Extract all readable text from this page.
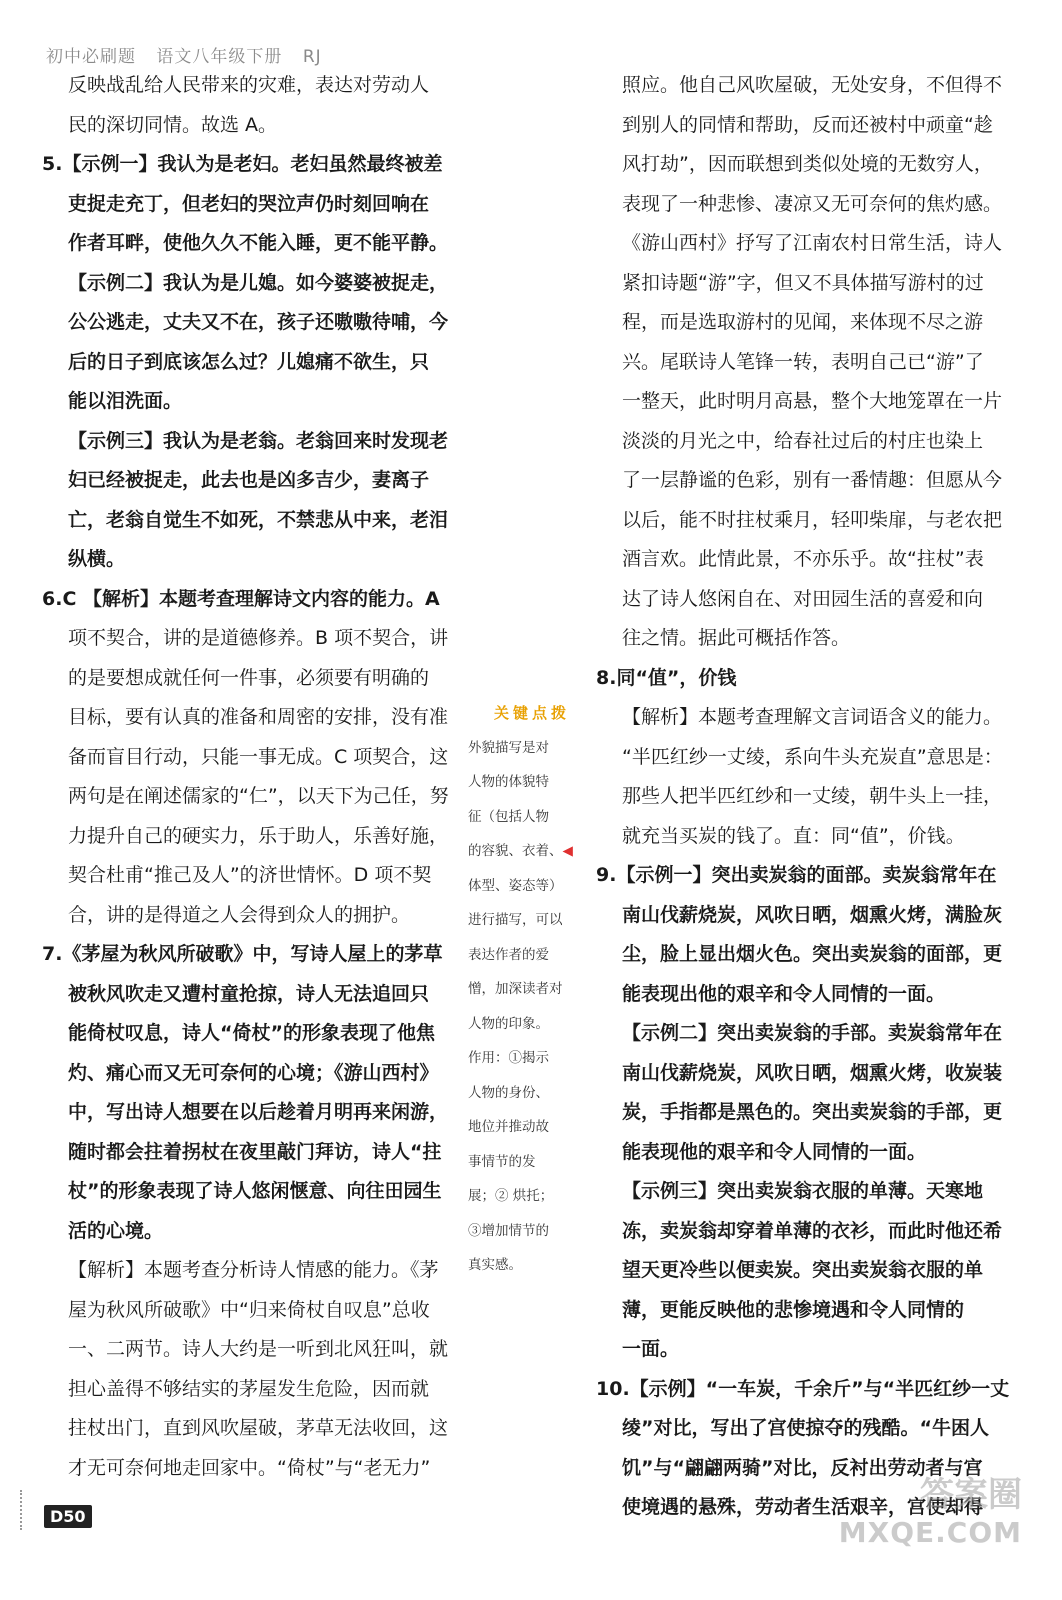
初中必刷题 语文八年级下册 RJ
反映战乱给人民带来的灾难，表达对劳动人
民的深切同情。故选 A。
5.【示例一】我认为是老妇。老妇虽然最终被差
吏捉走充丁，但老妇的哭泣声仍时刻回响在
作者耳畔，使他久久不能入睡，更不能平静。
【示例二】我认为是儿媳。如今婆婆被捉走，
公公逃走，丈夫又不在，孩子还嗷嗷待哺，今
后的日子到底该怎么过？儿媳痛不欲生，只
能以泪洗面。
【示例三】我认为是老翁。老翁回来时发现老
妇已经被捉走，此去也是凶多吉少，妻离子
亡，老翁自觉生不如死，不禁悲从中来，老泪
纵横。
6.C 【解析】本题考查理解诗文内容的能力。A
项不契合，讲的是道德修养。B 项不契合，讲
的是要想成就任何一件事，必须要有明确的
目标，要有认真的准备和周密的安排，没有准
备而盲目行动，只能一事无成。C 项契合，这
两句是在阐述儒家的“仁”，以天下为己任，努
力提升自己的硬实力，乐于助人，乐善好施，
契合杜甫“推己及人”的济世情怀。D 项不契
合，讲的是得道之人会得到众人的拥护。
7.《茅屋为秋风所破歌》中，写诗人屋上的茅草
被秋风吹走又遭村童抢掠，诗人无法追回只
能倚杖叹息，诗人“倚杖”的形象表现了他焦
灼、痛心而又无可奈何的心境；《游山西村》
中，写出诗人想要在以后趁着月明再来闲游，
随时都会拄着拐杖在夜里敲门拜访，诗人“拄
杖”的形象表现了诗人悠闲惬意、向往田园生
活的心境。
【解析】本题考查分析诗人情感的能力。《茅
屋为秋风所破歌》中“归来倚杖自叹息”总收
一、二两节。诗人大约是一听到北风狂叫，就
担心盖得不够结实的茅屋发生危险，因而就
拄杖出门，直到风吹屋破，茅草无法收回，这
才无可奈何地走回家中。“倚杖”与“老无力”
关键点拨
外貌描写是对
人物的体貌特
征（包括人物
的容貌、衣着、◀
体型、姿态等）
进行描写，可以
表达作者的爱
憎，加深读者对
人物的印象。
作用：①揭示
人物的身份、
地位并推动故
事情节的发
展；② 烘托；
③增加情节的
真实感。
照应。他自己风吹屋破，无处安身，不但得不
到别人的同情和帮助，反而还被村中顽童“趁
风打劫”，因而联想到类似处境的无数穷人，
表现了一种悲惨、凄凉又无可奈何的焦灼感。
《游山西村》抒写了江南农村日常生活，诗人
紧扣诗题“游”字，但又不具体描写游村的过
程，而是选取游村的见闻，来体现不尽之游
兴。尾联诗人笔锋一转，表明自己已“游”了
一整天，此时明月高悬，整个大地笼罩在一片
淡淡的月光之中，给春社过后的村庄也染上
了一层静谧的色彩，别有一番情趣：但愿从今
以后，能不时拄杖乘月，轻叩柴扉，与老农把
酒言欢。此情此景，不亦乐乎。故“拄杖”表
达了诗人悠闲自在、对田园生活的喜爱和向
往之情。据此可概括作答。
8.同“值”，价钱
【解析】本题考查理解文言词语含义的能力。
“半匹红纱一丈绫，系向牛头充炭直”意思是：
那些人把半匹红纱和一丈绫，朝牛头上一挂，
就充当买炭的钱了。直：同“值”，价钱。
9.【示例一】突出卖炭翁的面部。卖炭翁常年在
南山伐薪烧炭，风吹日晒，烟熏火烤，满脸灰
尘，脸上显出烟火色。突出卖炭翁的面部，更
能表现出他的艰辛和令人同情的一面。
【示例二】突出卖炭翁的手部。卖炭翁常年在
南山伐薪烧炭，风吹日晒，烟熏火烤，收炭装
炭，手指都是黑色的。突出卖炭翁的手部，更
能表现他的艰辛和令人同情的一面。
【示例三】突出卖炭翁衣服的单薄。天寒地
冻，卖炭翁却穿着单薄的衣衫，而此时他还希
望天更冷些以便卖炭。突出卖炭翁衣服的单
薄，更能反映他的悲惨境遇和令人同情的
一面。
10.【示例】“一车炭，千余斤”与“半匹红纱一丈
绫”对比，写出了宫使掠夺的残酷。“牛困人
饥”与“翩翩两骑”对比，反衬出劳动者与宫
使境遇的悬殊，劳动者生活艰辛，宫使却得
D50
答案圈
MXQE.COM
